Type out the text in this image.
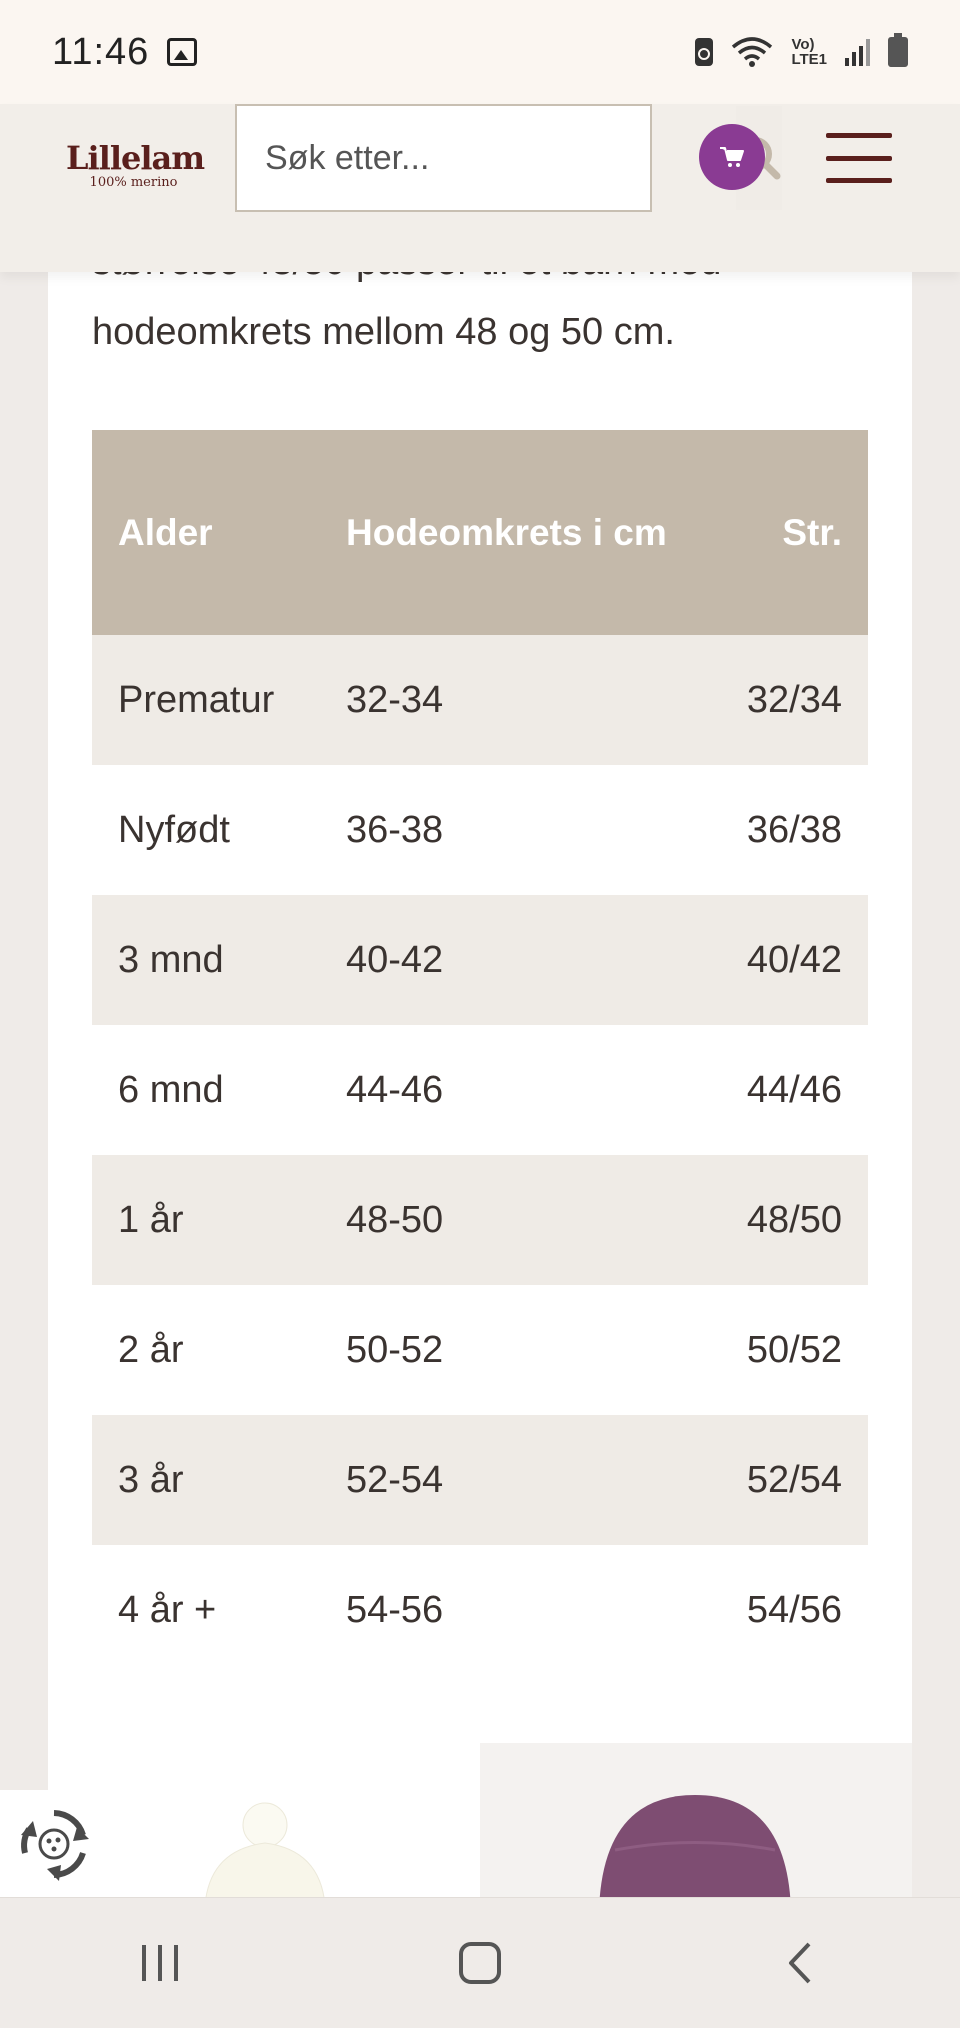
11:46	Vo)
LTE1
Lillelam
100% merino
Søk etter...
hodeomkrets mellom 48 og 50 cm.
Alder	Hodeomkrets i cm	Str.
Prematur	32-34	32/34
Nyfødt	36-38	36/38
3 mnd	40-42	40/42
6 mnd	44-46	44/46
1 år	48-50	48/50
2 år	50-52	50/52
3 år	52-54	52/54
4 år +	54-56	54/56
